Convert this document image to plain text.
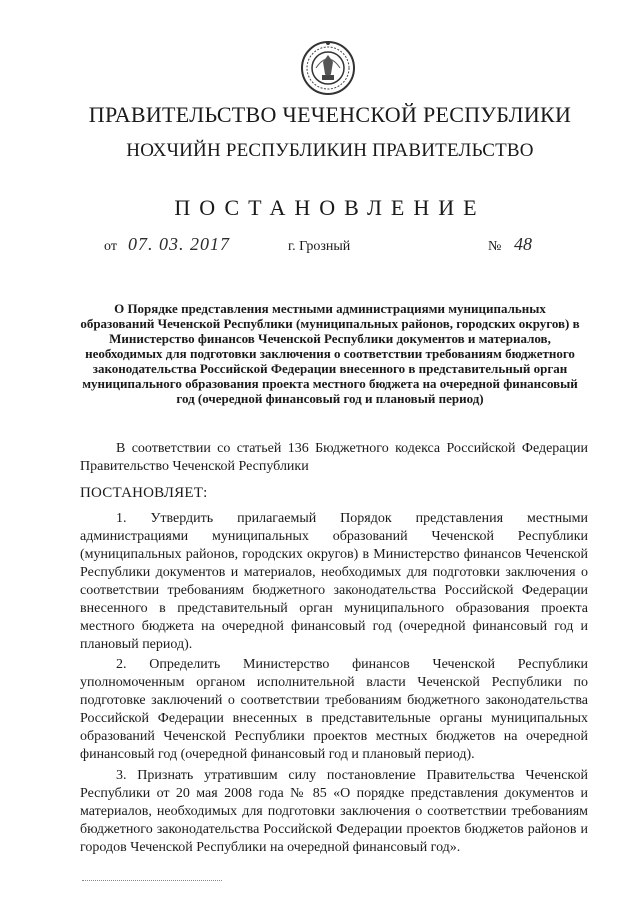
ПРАВИТЕЛЬСТВО ЧЕЧЕНСКОЙ РЕСПУБЛИКИ
НОХЧИЙН РЕСПУБЛИКИН ПРАВИТЕЛЬСТВО
ПОСТАНОВЛЕНИЕ
от 07. 03. 2017	г. Грозный	№ 48
О Порядке представления местными администрациями муниципальных образований Чеченской Республики (муниципальных районов, городских округов) в Министерство финансов Чеченской Республики документов и материалов, необходимых для подготовки заключения о соответствии требованиям бюджетного законодательства Российской Федерации внесенного в представительный орган муниципального образования проекта местного бюджета на очередной финансовый год (очередной финансовый год и плановый период)
В соответствии со статьей 136 Бюджетного кодекса Российской Федерации Правительство Чеченской Республики
ПОСТАНОВЛЯЕТ:
1. Утвердить прилагаемый Порядок представления местными администрациями муниципальных образований Чеченской Республики (муниципальных районов, городских округов) в Министерство финансов Чеченской Республики документов и материалов, необходимых для подготовки заключения о соответствии требованиям бюджетного законодательства Российской Федерации внесенного в представительный орган муниципального образования проекта местного бюджета на очередной финансовый год (очередной финансовый год и плановый период).
2. Определить Министерство финансов Чеченской Республики уполномоченным органом исполнительной власти Чеченской Республики по подготовке заключений о соответствии требованиям бюджетного законодательства Российской Федерации внесенных в представительные органы муниципальных образований Чеченской Республики проектов местных бюджетов на очередной финансовый год (очередной финансовый год и плановый период).
3. Признать утратившим силу постановление Правительства Чеченской Республики от 20 мая 2008 года № 85 «О порядке представления документов и материалов, необходимых для подготовки заключения о соответствии требованиям бюджетного законодательства Российской Федерации проектов бюджетов районов и городов Чеченской Республики на очередной финансовый год».
